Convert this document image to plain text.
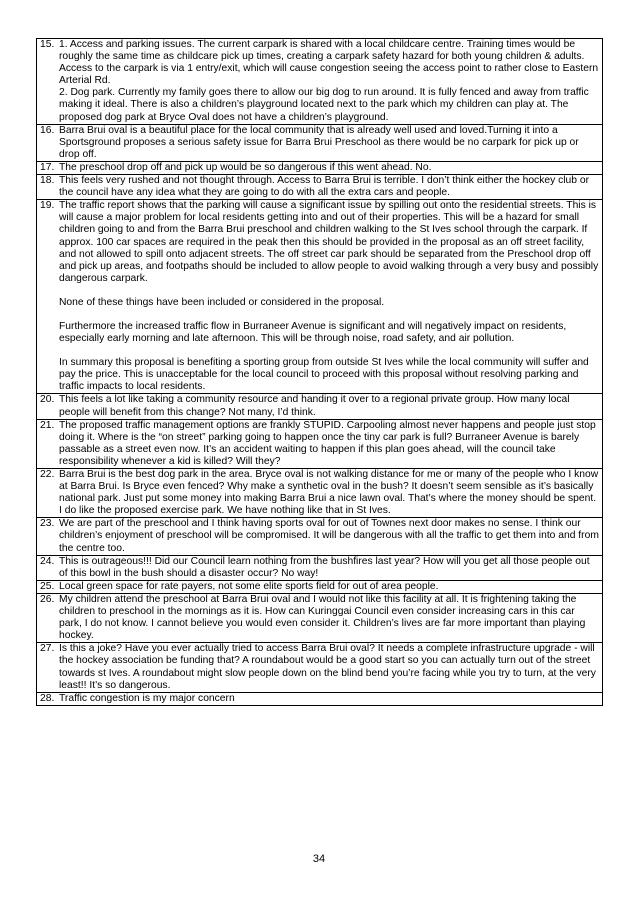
15. 1. Access and parking issues. The current carpark is shared with a local childcare centre. Training times would be roughly the same time as childcare pick up times, creating a carpark safety hazard for both young children & adults. Access to the carpark is via 1 entry/exit, which will cause congestion seeing the access point to rather close to Eastern Arterial Rd.

2. Dog park. Currently my family goes there to allow our big dog to run around. It is fully fenced and away from traffic making it ideal. There is also a children’s playground located next to the park which my children can play at. The proposed dog park at Bryce Oval does not have a children’s playground.

16. Barra Brui oval is a beautiful place for the local community that is already well used and loved.Turning it into a Sportsground proposes a serious safety issue for Barra Brui Preschool as there would be no carpark for pick up or drop off.

17. The preschool drop off and pick up would be so dangerous if this went ahead. No.

18. This feels very rushed and not thought through. Access to Barra Brui is terrible. I don’t think either the hockey club or the council have any idea what they are going to do with all the extra cars and people.

19. The traffic report shows that the parking will cause a significant issue by spilling out onto the residential streets. This is will cause a major problem for local residents getting into and out of their properties. This will be a hazard for small children going to and from the Barra Brui preschool and children walking to the St Ives school through the carpark. If approx. 100 car spaces are required in the peak then this should be provided in the proposal as an off street facility, and not allowed to spill onto adjacent streets. The off street car park should be separated from the Preschool drop off and pick up areas, and footpaths should be included to allow people to avoid walking through a very busy and possibly dangerous carpark.

None of these things have been included or considered in the proposal.

Furthermore the increased traffic flow in Burraneer Avenue is significant and will negatively impact on residents, especially early morning and late afternoon. This will be through noise, road safety, and air pollution.

In summary this proposal is benefiting a sporting group from outside St Ives while the local community will suffer and pay the price. This is unacceptable for the local council to proceed with this proposal without resolving parking and traffic impacts to local residents.

20. This feels a lot like taking a community resource and handing it over to a regional private group. How many local people will benefit from this change? Not many, I’d think.

21. The proposed traffic management options are frankly STUPID. Carpooling almost never happens and people just stop doing it. Where is the “on street” parking going to happen once the tiny car park is full? Burraneer Avenue is barely passable as a street even now. It’s an accident waiting to happen if this plan goes ahead, will the council take responsibility whenever a kid is killed? Will they?

22. Barra Brui is the best dog park in the area. Bryce oval is not walking distance for me or many of the people who I know at Barra Brui. Is Bryce even fenced? Why make a synthetic oval in the bush? It doesn’t seem sensible as it’s basically national park. Just put some money into making Barra Brui a nice lawn oval. That’s where the money should be spent. I do like the proposed exercise park. We have nothing like that in St Ives.

23. We are part of the preschool and I think having sports oval for out of Townes next door makes no sense. I think our children’s enjoyment of preschool will be compromised. It will be dangerous with all the traffic to get them into and from the centre too.

24. This is outrageous!!! Did our Council learn nothing from the bushfires last year? How will you get all those people out of this bowl in the bush should a disaster occur? No way!

25. Local green space for rate payers, not some elite sports field for out of area people.

26. My children attend the preschool at Barra Brui oval and I would not like this facility at all. It is frightening taking the children to preschool in the mornings as it is. How can Kuringgai Council even consider increasing cars in this car park, I do not know. I cannot believe you would even consider it. Children’s lives are far more important than playing hockey.

27. Is this a joke? Have you ever actually tried to access Barra Brui oval? It needs a complete infrastructure upgrade - will the hockey association be funding that? A roundabout would be a good start so you can actually turn out of the street towards st Ives. A roundabout might slow people down on the blind bend you’re facing while you try to turn, at the very least!! It’s so dangerous.

28. Traffic congestion is my major concern

34
